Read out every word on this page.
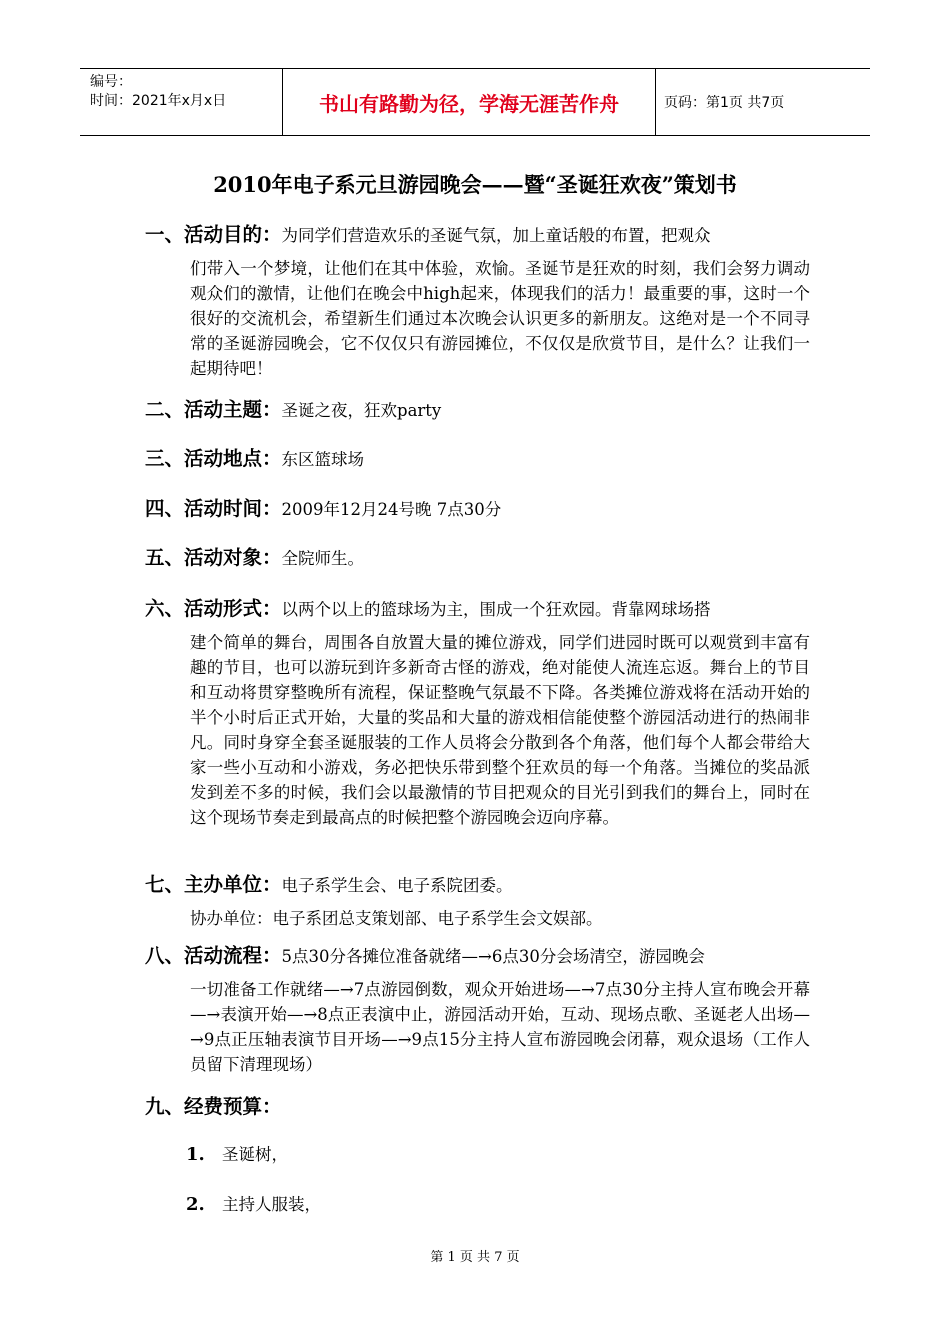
编号：
时间：2021年x月x日	书山有路勤为径，学海无涯苦作舟	页码：第1页 共7页
2010年电子系元旦游园晚会——暨“圣诞狂欢夜”策划书
一、活动目的：为同学们营造欢乐的圣诞气氛，加上童话般的布置，把观众
们带入一个梦境，让他们在其中体验，欢愉。圣诞节是狂欢的时刻，我们会努力调动观众们的激情，让他们在晚会中high起来，体现我们的活力！最重要的事，这时一个很好的交流机会，希望新生们通过本次晚会认识更多的新朋友。这绝对是一个不同寻常的圣诞游园晚会，它不仅仅只有游园摊位，不仅仅是欣赏节目，是什么？让我们一起期待吧！
二、活动主题：圣诞之夜，狂欢party
三、活动地点：东区篮球场
四、活动时间：2009年12月24号晚 7点30分
五、活动对象：全院师生。
六、活动形式：以两个以上的篮球场为主，围成一个狂欢园。背靠网球场搭
建个简单的舞台，周围各自放置大量的摊位游戏，同学们进园时既可以观赏到丰富有趣的节目，也可以游玩到许多新奇古怪的游戏，绝对能使人流连忘返。舞台上的节目和互动将贯穿整晚所有流程，保证整晚气氛最不下降。各类摊位游戏将在活动开始的半个小时后正式开始，大量的奖品和大量的游戏相信能使整个游园活动进行的热闹非凡。同时身穿全套圣诞服装的工作人员将会分散到各个角落，他们每个人都会带给大家一些小互动和小游戏，务必把快乐带到整个狂欢员的每一个角落。当摊位的奖品派发到差不多的时候，我们会以最激情的节目把观众的目光引到我们的舞台上，同时在这个现场节奏走到最高点的时候把整个游园晚会迈向序幕。
七、主办单位：电子系学生会、电子系院团委。
协办单位：电子系团总支策划部、电子系学生会文娱部。
八、活动流程：5点30分各摊位准备就绪—→6点30分会场清空，游园晚会
一切准备工作就绪—→7点游园倒数，观众开始进场—→7点30分主持人宣布晚会开幕—→表演开始—→8点正表演中止，游园活动开始，互动、现场点歌、圣诞老人出场—→9点正压轴表演节目开场—→9点15分主持人宣布游园晚会闭幕，观众退场（工作人员留下清理现场）
九、经费预算：
1. 圣诞树，
2. 主持人服装，
第 1 页 共 7 页
